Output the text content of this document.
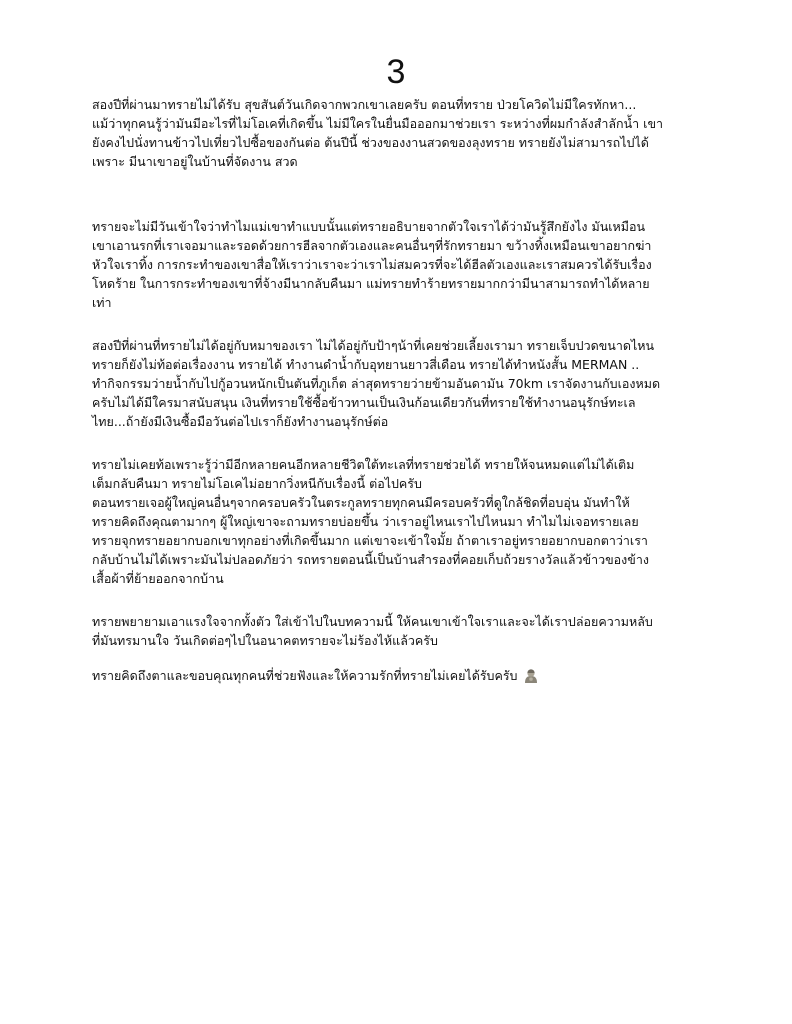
3

สองปีที่ผ่านมาทรายไม่ได้รับ สุขสันต์วันเกิดจากพวกเขาเลยครับ ตอนที่ทราย ป่วยโควิดไม่มีใครทักหา...
แม้ว่าทุกคนรู้ว่ามันมีอะไรที่ไม่โอเคที่เกิดขึ้น ไม่มีใครในยื่นมือออกมาช่วยเรา ระหว่างที่ผมกำลังสำลักน้ำ เขา
ยังคงไปนั่งทานข้าวไปเที่ยวไปซื้อของกันต่อ ต้นปีนี้ ช่วงของงานสวดของลุงทราย ทรายยังไม่สามารถไปได้
เพราะ มีนาเขาอยู่ในบ้านที่จัดงาน สวด

ทรายจะไม่มีวันเข้าใจว่าทำไมแม่เขาทำแบบนั้นแต่ทรายอธิบายจากตัวใจเราได้ว่ามันรู้สึกยังไง มันเหมือน
เขาเอานรกที่เราเจอมาและรอดด้วยการฮีลจากตัวเองและคนอื่นๆที่รักทรายมา ขว้างทิ้งเหมือนเขาอยากฆ่า
หัวใจเราทิ้ง การกระทำของเขาสื่อให้เราว่าเราจะว่าเราไม่สมควรที่จะได้ฮีลตัวเองและเราสมควรได้รับเรื่อง
โหดร้าย ในการกระทำของเขาที่จ้างมีนากลับคืนมา แม่ทรายทำร้ายทรายมากกว่ามีนาสามารถทำได้หลาย
เท่า

สองปีที่ผ่านที่ทรายไม่ได้อยู่กับหมาของเรา ไม่ได้อยู่กับป้าๆน้าที่เคยช่วยเลี้ยงเรามา ทรายเจ็บปวดขนาดไหน
ทรายก็ยังไม่ท้อต่อเรื่องงาน ทรายได้ ทำงานดำน้ำกับอุทยานยาวสี่เดือน ทรายได้ทำหนังสั้น MERMAN ..
ทำกิจกรรมว่ายน้ำกับไปกู้อวนหนักเป็นตันที่ภูเก็ต ล่าสุดทรายว่ายข้ามอันดามัน 70km เราจัดงานกับเองหมด
ครับไม่ได้มีใครมาสนับสนุน เงินที่ทรายใช้ซื้อข้าวทานเป็นเงินก้อนเดียวกันที่ทรายใช้ทำงานอนุรักษ์ทะเล
ไทย...ถ้ายังมีเงินซื้อมือวันต่อไปเราก็ยังทำงานอนุรักษ์ต่อ

ทรายไม่เคยท้อเพราะรู้ว่ามีอีกหลายคนอีกหลายชีวิตใต้ทะเลที่ทรายช่วยได้ ทรายให้จนหมดแต่ไม่ได้เติม
เต็มกลับคืนมา ทรายไม่โอเคไม่อยากวิ่งหนีกับเรื่องนี้ ต่อไปครับ
ตอนทรายเจอผู้ใหญ่คนอื่นๆจากครอบครัวในตระกูลทรายทุกคนมีครอบครัวที่ดูใกล้ชิดที่อบอุ่น มันทำให้
ทรายคิดถึงคุณตามากๆ ผู้ใหญ่เขาจะถามทรายบ่อยขึ้น ว่าเราอยู่ไหนเราไปไหนมา ทำไมไม่เจอทรายเลย
ทรายจุกทรายอยากบอกเขาทุกอย่างที่เกิดขึ้นมาก แต่เขาจะเข้าใจมั้ย ถ้าตาเราอยู่ทรายอยากบอกตาว่าเรา
กลับบ้านไม่ได้เพราะมันไม่ปลอดภัยว่า รถทรายตอนนี้เป็นบ้านสำรองที่คอยเก็บถ้วยรางวัลแล้วข้าวของข้าง
เสื้อผ้าที่ย้ายออกจากบ้าน

ทรายพยายามเอาแรงใจจากทั้งตัว ใส่เข้าไปในบทความนี้ ให้คนเขาเข้าใจเราและจะได้เราปล่อยความหลับ
ที่มันทรมานใจ วันเกิดต่อๆไปในอนาคตทรายจะไม่ร้องไห้แล้วครับ

ทรายคิดถึงตาและขอบคุณทุกคนที่ช่วยฟังและให้ความรักที่ทรายไม่เคยได้รับครับ
